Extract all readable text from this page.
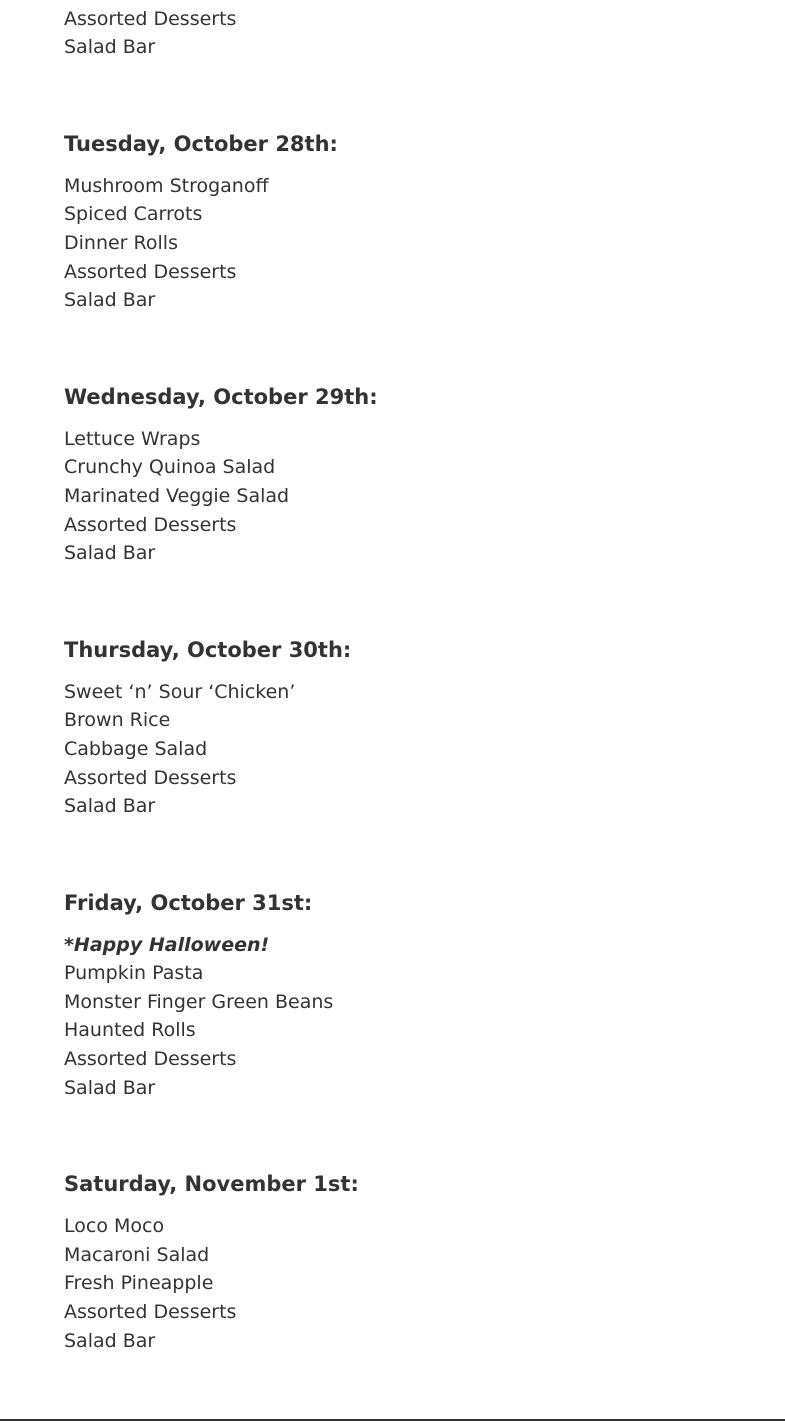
Assorted Desserts
Salad Bar
Tuesday, October 28th:
Mushroom Stroganoff
Spiced Carrots
Dinner Rolls
Assorted Desserts
Salad Bar
Wednesday, October 29th:
Lettuce Wraps
Crunchy Quinoa Salad
Marinated Veggie Salad
Assorted Desserts
Salad Bar
Thursday, October 30th:
Sweet ‘n’ Sour ‘Chicken’
Brown Rice
Cabbage Salad
Assorted Desserts
Salad Bar
Friday, October 31st:
*Happy Halloween!
Pumpkin Pasta
Monster Finger Green Beans
Haunted Rolls
Assorted Desserts
Salad Bar
Saturday, November 1st:
Loco Moco
Macaroni Salad
Fresh Pineapple
Assorted Desserts
Salad Bar
